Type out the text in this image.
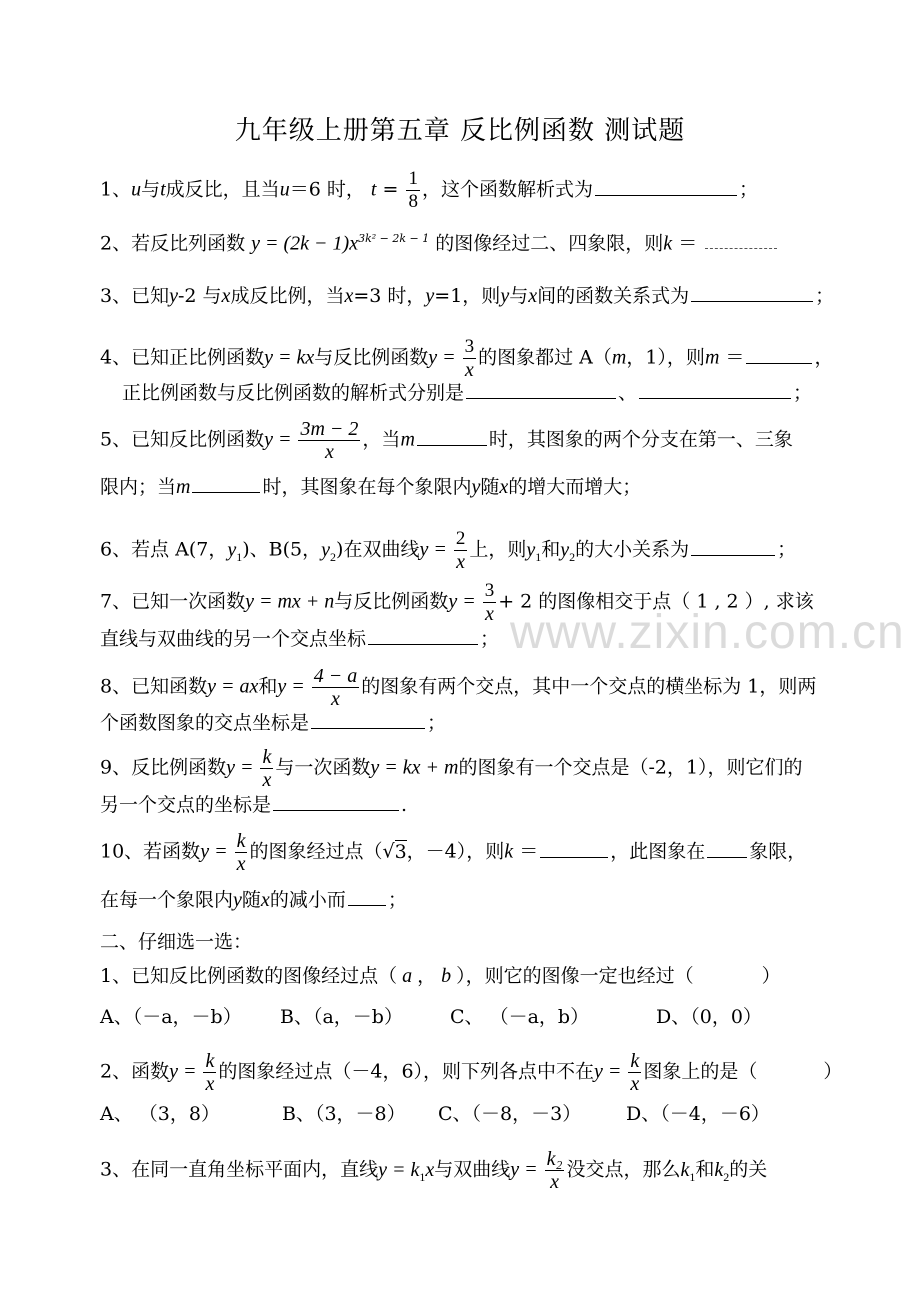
九年级上册第五章 反比例函数 测试题
www.zixin.com.cn
1、u与t成反比，且当u＝6 时， $t = \frac{1}{8}$ ，这个函数解析式为	；
2、若反比列函数 $y = (2k - 1)x^{3k^2 - 2k - 1}$ 的图像经过二、四象限，则k ＝
3、已知y-2 与x成反比例，当x=3 时，y=1，则y与x间的函数关系式为	；
4、已知正比例函数y = kx与反比例函数$y = \frac{3}{x}$ 的图象都过 A（m，1），则m ＝	，
正比例函数与反比例函数的解析式分别是	、	；
5、已知反比例函数$y = \frac{3m - 2}{x}$ ，当m	时，其图象的两个分支在第一、三象
限内；当m	时，其图象在每个象限内y随x的增大而增大；
6、若点 A(7，$y_1$)、B(5，$y_2$)在双曲线$y = \frac{2}{x}$ 上，则$y_1$和$y_2$的大小关系为	；
7、已知一次函数y = mx + n与反比例函数$y = \frac{3}{x} + 2$ 的图像相交于点（ 1 , 2 ）, 求该
直线与双曲线的另一个交点坐标	；
8、已知函数y = ax和$y = \frac{4 - a}{x}$ 的图象有两个交点，其中一个交点的横坐标为 1，则两
个函数图象的交点坐标是	；
9、反比例函数$y = \frac{k}{x}$ 与一次函数y = kx + m的图象有一个交点是（-2，1），则它们的
另一个交点的坐标是	.
10、若函数$y = \frac{k}{x}$ 的图象经过点（√3，－4），则k ＝	，此图象在 象限，
在每一个象限内y随x的减小而 ；
二、仔细选一选：
1、已知反比例函数的图像经过点（ a ， b ），则它的图像一定也经过（	）
A、（－a，－b） B、（a，－b） C、 （－a，b）	D、（0，0）
2、函数$y = \frac{k}{x}$ 的图象经过点（－4，6），则下列各点中不在$y = \frac{k}{x}$ 图象上的是（	）
A、 （3，8）	B、（3，－8） C、（－8，－3） D、（－4，－6）
3、在同一直角坐标平面内，直线$y = k_1x$与双曲线$y = \frac{\text{k₂}}{x}$ 没交点，那么$k_1$和$k_2$的关
